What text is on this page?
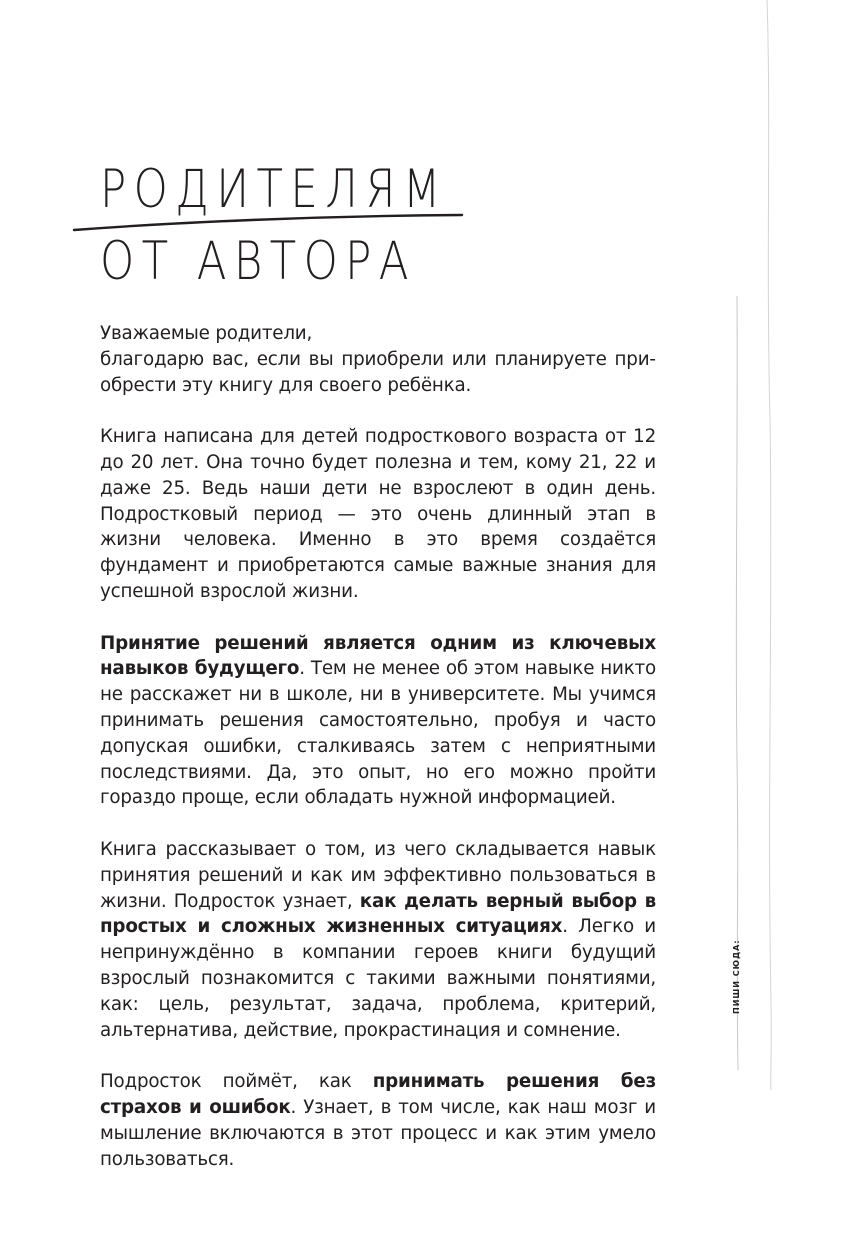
РОДИТЕЛЯМ
ОТ АВТОРА

Уважаемые родители,
благодарю вас, если вы приобрели или планируете приобрести эту книгу для своего ребёнка.

Книга написана для детей подросткового возраста от 12 до 20 лет. Она точно будет полезна и тем, кому 21, 22 и даже 25. Ведь наши дети не взрослеют в один день. Подростковый период — это очень длинный этап в жизни человека. Именно в это время создаётся фундамент и приобретаются самые важные знания для успешной взрослой жизни.

Принятие решений является одним из ключевых навыков будущего. Тем не менее об этом навыке никто не расскажет ни в школе, ни в университете. Мы учимся принимать решения самостоятельно, пробуя и часто допуская ошибки, сталкиваясь затем с неприятными последствиями. Да, это опыт, но его можно пройти гораздо проще, если обладать нужной информацией.

Книга рассказывает о том, из чего складывается навык принятия решений и как им эффективно пользоваться в жизни. Подросток узнает, как делать верный выбор в простых и сложных жизненных ситуациях. Легко и непринуждённо в компании героев книги будущий взрослый познакомится с такими важными понятиями, как: цель, результат, задача, проблема, критерий, альтернатива, действие, прокрастинация и сомнение.

Подросток поймёт, как принимать решения без страхов и ошибок. Узнает, в том числе, как наш мозг и мышление включаются в этот процесс и как этим умело пользоваться.

ПИШИ СЮДА:
